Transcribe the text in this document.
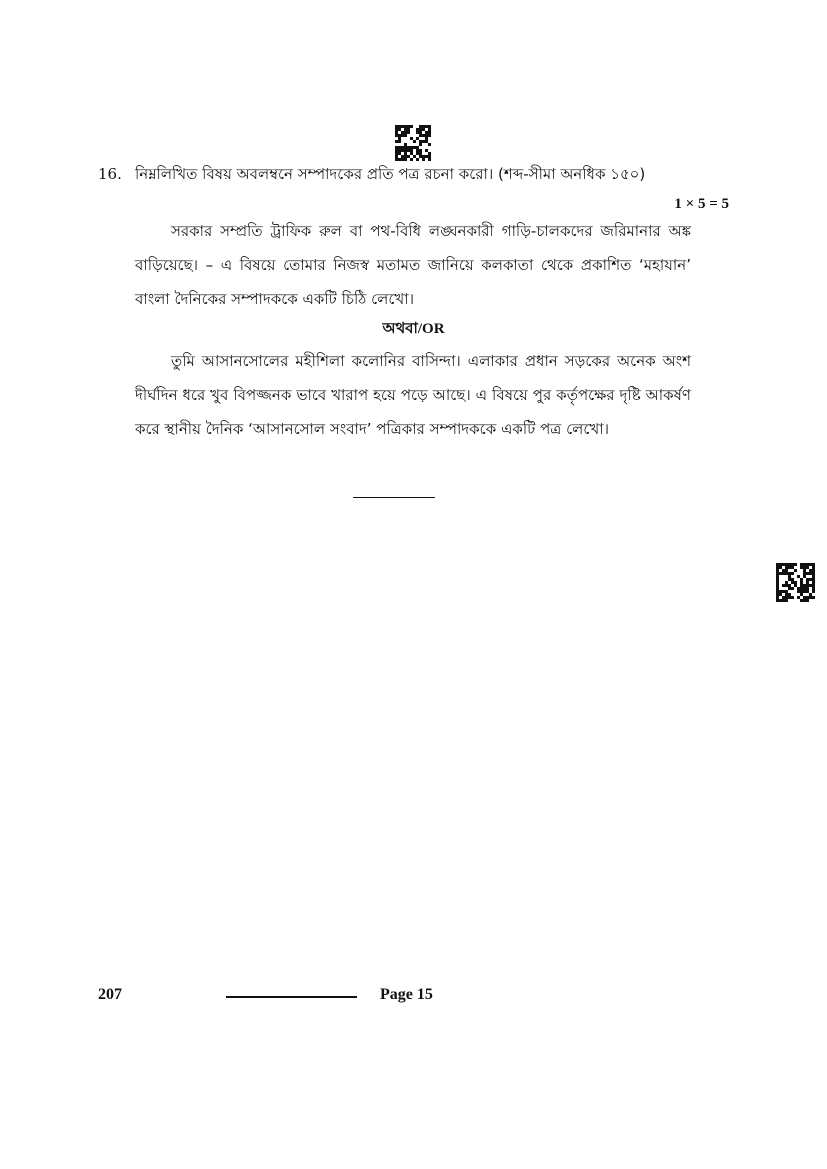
16. নিম্নলিখিত বিষয় অবলম্বনে সম্পাদকের প্রতি পত্র রচনা করো। (শব্দ-সীমা অনধিক ১৫০)
1 × 5 = 5

সরকার সম্প্রতি ট্রাফিক রুল বা পথ-বিধি লঙ্ঘনকারী গাড়ি-চালকদের জরিমানার অঙ্ক বাড়িয়েছে। – এ বিষয়ে তোমার নিজস্ব মতামত জানিয়ে কলকাতা থেকে প্রকাশিত ‘মহাযান’ বাংলা দৈনিকের সম্পাদককে একটি চিঠি লেখো।

অথবা/OR

তুমি আসানসোলের মহীশিলা কলোনির বাসিন্দা। এলাকার প্রধান সড়কের অনেক অংশ দীর্ঘদিন ধরে খুব বিপজ্জনক ভাবে খারাপ হয়ে পড়ে আছে। এ বিষয়ে পুর কর্তৃপক্ষের দৃষ্টি আকর্ষণ করে স্থানীয় দৈনিক ‘আসানসোল সংবাদ’ পত্রিকার সম্পাদককে একটি পত্র লেখো।

207	Page 15
